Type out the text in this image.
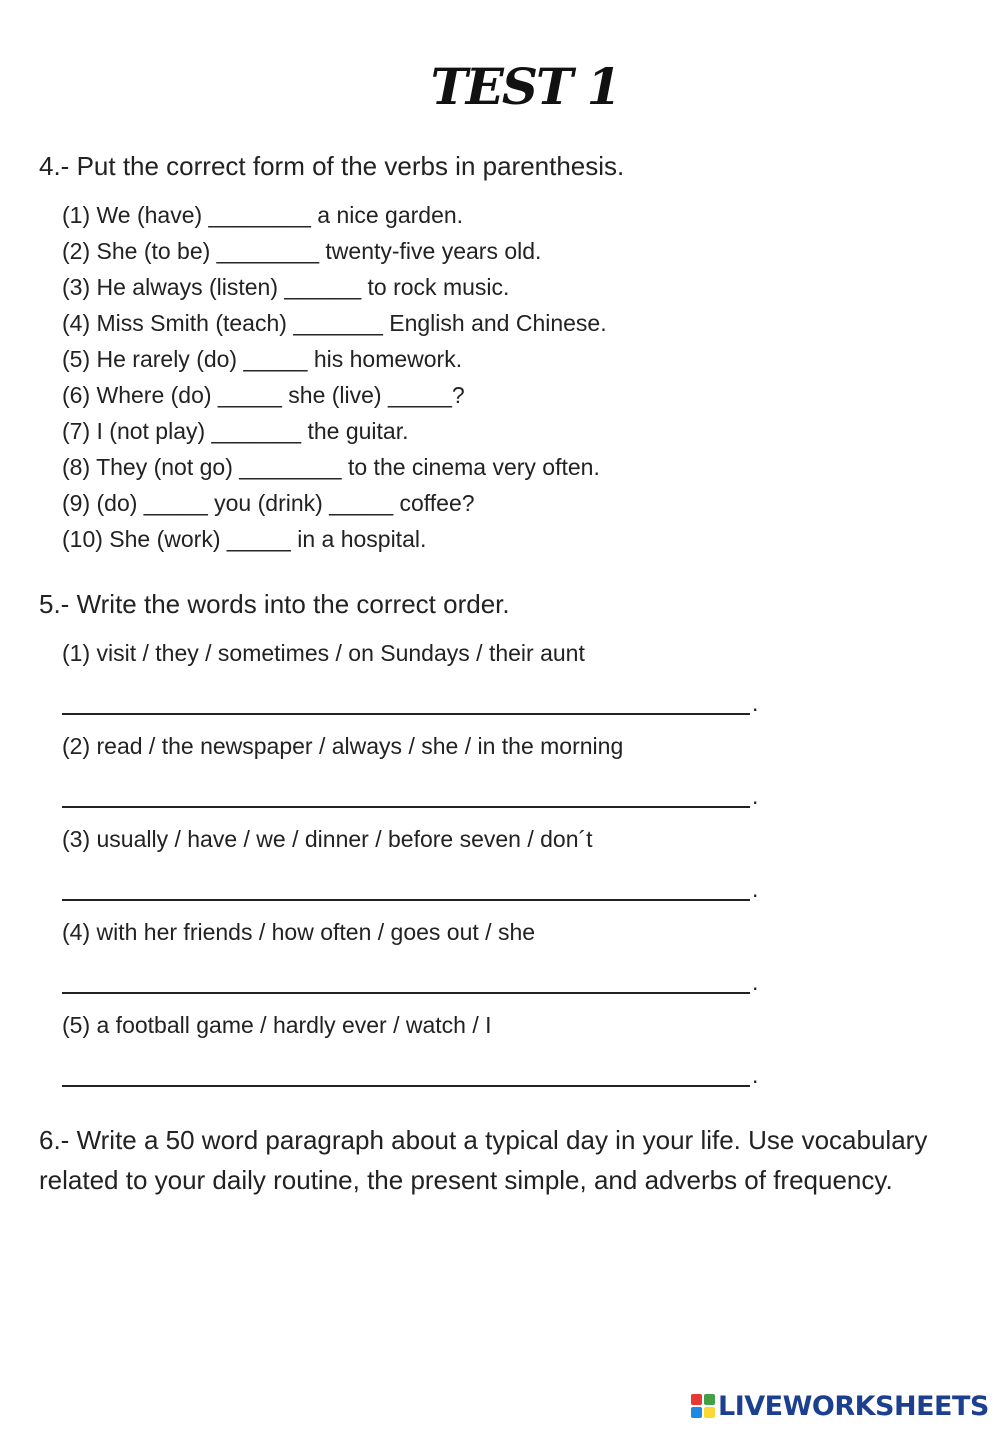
TEST 1
4.- Put the correct form of the verbs in parenthesis.
(1) We (have) ________ a nice garden.
(2) She (to be) ________ twenty-five years old.
(3) He always (listen) ______ to rock music.
(4) Miss Smith (teach) _______ English and Chinese.
(5) He rarely (do) _____ his homework.
(6) Where (do) _____ she (live) _____?
(7) I (not play) _______ the guitar.
(8) They (not go) ________ to the cinema very often.
(9) (do) _____ you (drink) _____ coffee?
(10) She (work) _____ in a hospital.
5.- Write the words into the correct order.
(1) visit / they / sometimes / on Sundays / their aunt
.
(2) read / the newspaper / always / she / in the morning
.
(3) usually / have / we / dinner / before seven / don´t
.
(4) with her friends / how often / goes out / she
.
(5) a football game / hardly ever / watch / I
.
6.- Write a 50 word paragraph about a typical day in your life. Use vocabulary related to your daily routine, the present simple, and adverbs of frequency.
LIVEWORKSHEETS
